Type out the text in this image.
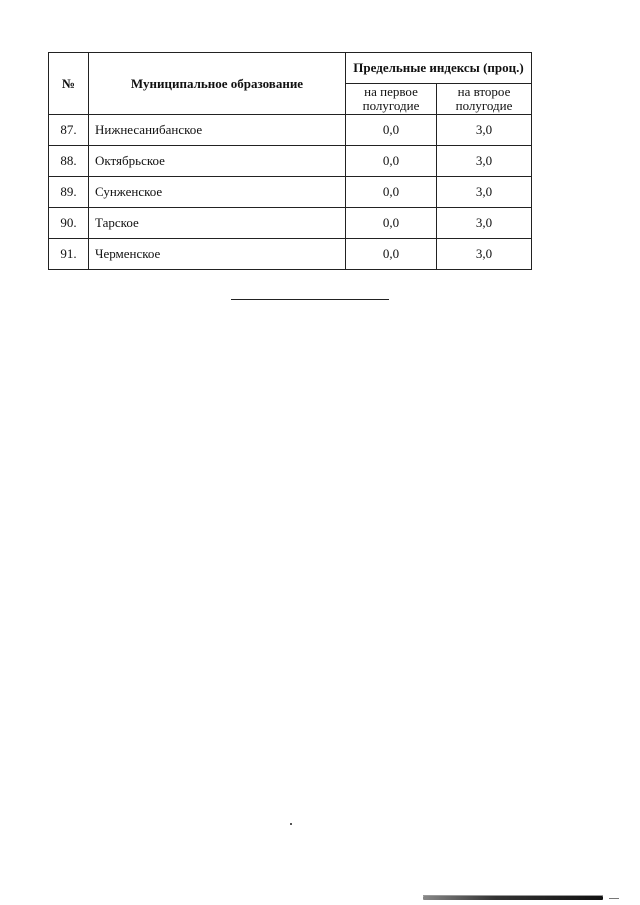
№	Муниципальное образование	Предельные индексы (проц.)	
		на первое полугодие	на второе полугодие
87.	Нижнесанибанское	0,0	3,0
88.	Октябрьское	0,0	3,0
89.	Сунженское	0,0	3,0
90.	Тарское	0,0	3,0
91.	Черменское	0,0	3,0
